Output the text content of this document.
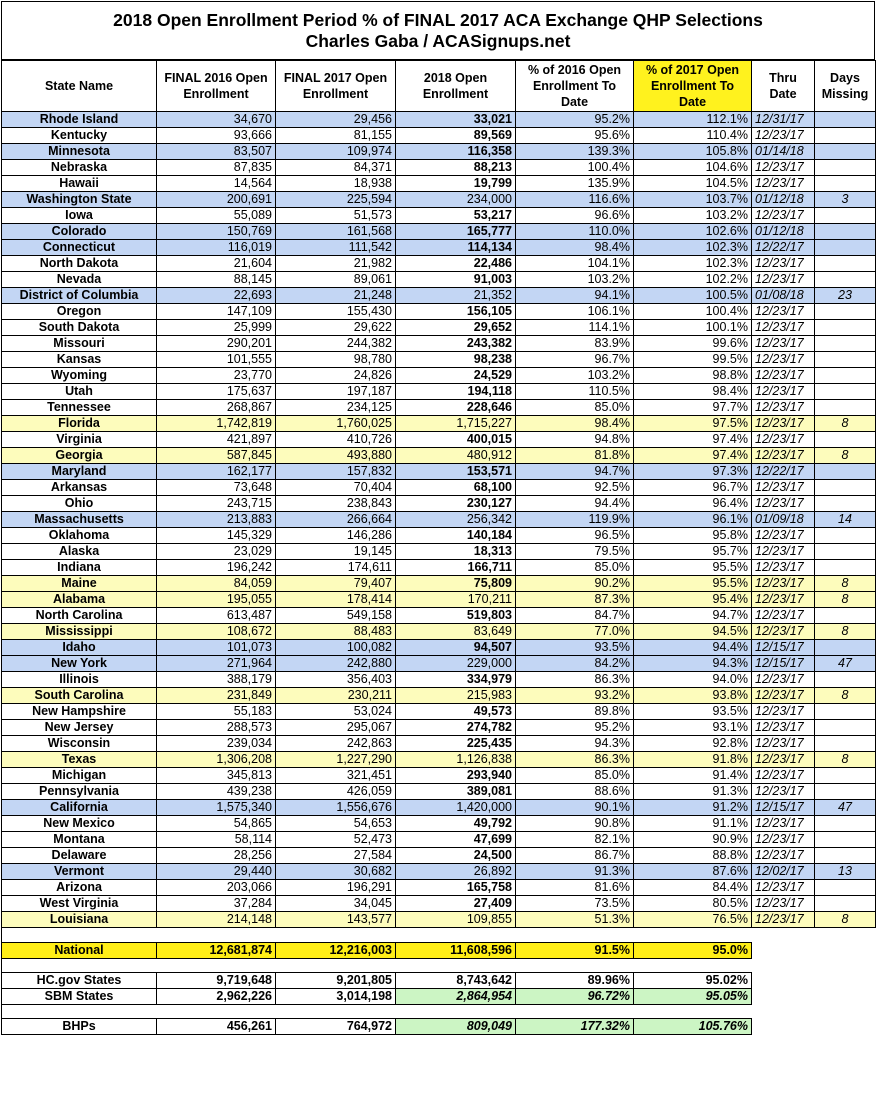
2018 Open Enrollment Period % of FINAL 2017 ACA Exchange QHP Selections
Charles Gaba / ACASignups.net
State Name	FINAL 2016 Open Enrollment	FINAL 2017 Open Enrollment	2018 Open Enrollment	% of 2016 Open Enrollment To Date	% of 2017 Open Enrollment To Date	Thru Date	Days Missing
Rhode Island	34,670	29,456	33,021	95.2%	112.1%	12/31/17	
Kentucky	93,666	81,155	89,569	95.6%	110.4%	12/23/17	
Minnesota	83,507	109,974	116,358	139.3%	105.8%	01/14/18	
Nebraska	87,835	84,371	88,213	100.4%	104.6%	12/23/17	
Hawaii	14,564	18,938	19,799	135.9%	104.5%	12/23/17	
Washington State	200,691	225,594	234,000	116.6%	103.7%	01/12/18	3
Iowa	55,089	51,573	53,217	96.6%	103.2%	12/23/17	
Colorado	150,769	161,568	165,777	110.0%	102.6%	01/12/18	
Connecticut	116,019	111,542	114,134	98.4%	102.3%	12/22/17	
North Dakota	21,604	21,982	22,486	104.1%	102.3%	12/23/17	
Nevada	88,145	89,061	91,003	103.2%	102.2%	12/23/17	
District of Columbia	22,693	21,248	21,352	94.1%	100.5%	01/08/18	23
Oregon	147,109	155,430	156,105	106.1%	100.4%	12/23/17	
South Dakota	25,999	29,622	29,652	114.1%	100.1%	12/23/17	
Missouri	290,201	244,382	243,382	83.9%	99.6%	12/23/17	
Kansas	101,555	98,780	98,238	96.7%	99.5%	12/23/17	
Wyoming	23,770	24,826	24,529	103.2%	98.8%	12/23/17	
Utah	175,637	197,187	194,118	110.5%	98.4%	12/23/17	
Tennessee	268,867	234,125	228,646	85.0%	97.7%	12/23/17	
Florida	1,742,819	1,760,025	1,715,227	98.4%	97.5%	12/23/17	8
Virginia	421,897	410,726	400,015	94.8%	97.4%	12/23/17	
Georgia	587,845	493,880	480,912	81.8%	97.4%	12/23/17	8
Maryland	162,177	157,832	153,571	94.7%	97.3%	12/22/17	
Arkansas	73,648	70,404	68,100	92.5%	96.7%	12/23/17	
Ohio	243,715	238,843	230,127	94.4%	96.4%	12/23/17	
Massachusetts	213,883	266,664	256,342	119.9%	96.1%	01/09/18	14
Oklahoma	145,329	146,286	140,184	96.5%	95.8%	12/23/17	
Alaska	23,029	19,145	18,313	79.5%	95.7%	12/23/17	
Indiana	196,242	174,611	166,711	85.0%	95.5%	12/23/17	
Maine	84,059	79,407	75,809	90.2%	95.5%	12/23/17	8
Alabama	195,055	178,414	170,211	87.3%	95.4%	12/23/17	8
North Carolina	613,487	549,158	519,803	84.7%	94.7%	12/23/17	
Mississippi	108,672	88,483	83,649	77.0%	94.5%	12/23/17	8
Idaho	101,073	100,082	94,507	93.5%	94.4%	12/15/17	
New York	271,964	242,880	229,000	84.2%	94.3%	12/15/17	47
Illinois	388,179	356,403	334,979	86.3%	94.0%	12/23/17	
South Carolina	231,849	230,211	215,983	93.2%	93.8%	12/23/17	8
New Hampshire	55,183	53,024	49,573	89.8%	93.5%	12/23/17	
New Jersey	288,573	295,067	274,782	95.2%	93.1%	12/23/17	
Wisconsin	239,034	242,863	225,435	94.3%	92.8%	12/23/17	
Texas	1,306,208	1,227,290	1,126,838	86.3%	91.8%	12/23/17	8
Michigan	345,813	321,451	293,940	85.0%	91.4%	12/23/17	
Pennsylvania	439,238	426,059	389,081	88.6%	91.3%	12/23/17	
California	1,575,340	1,556,676	1,420,000	90.1%	91.2%	12/15/17	47
New Mexico	54,865	54,653	49,792	90.8%	91.1%	12/23/17	
Montana	58,114	52,473	47,699	82.1%	90.9%	12/23/17	
Delaware	28,256	27,584	24,500	86.7%	88.8%	12/23/17	
Vermont	29,440	30,682	26,892	91.3%	87.6%	12/02/17	13
Arizona	203,066	196,291	165,758	81.6%	84.4%	12/23/17	
West Virginia	37,284	34,045	27,409	73.5%	80.5%	12/23/17	
Louisiana	214,148	143,577	109,855	51.3%	76.5%	12/23/17	8

National	12,681,874	12,216,003	11,608,596	91.5%	95.0%		

HC.gov States	9,719,648	9,201,805	8,743,642	89.96%	95.02%		
SBM States	2,962,226	3,014,198	2,864,954	96.72%	95.05%		

BHPs	456,261	764,972	809,049	177.32%	105.76%		
